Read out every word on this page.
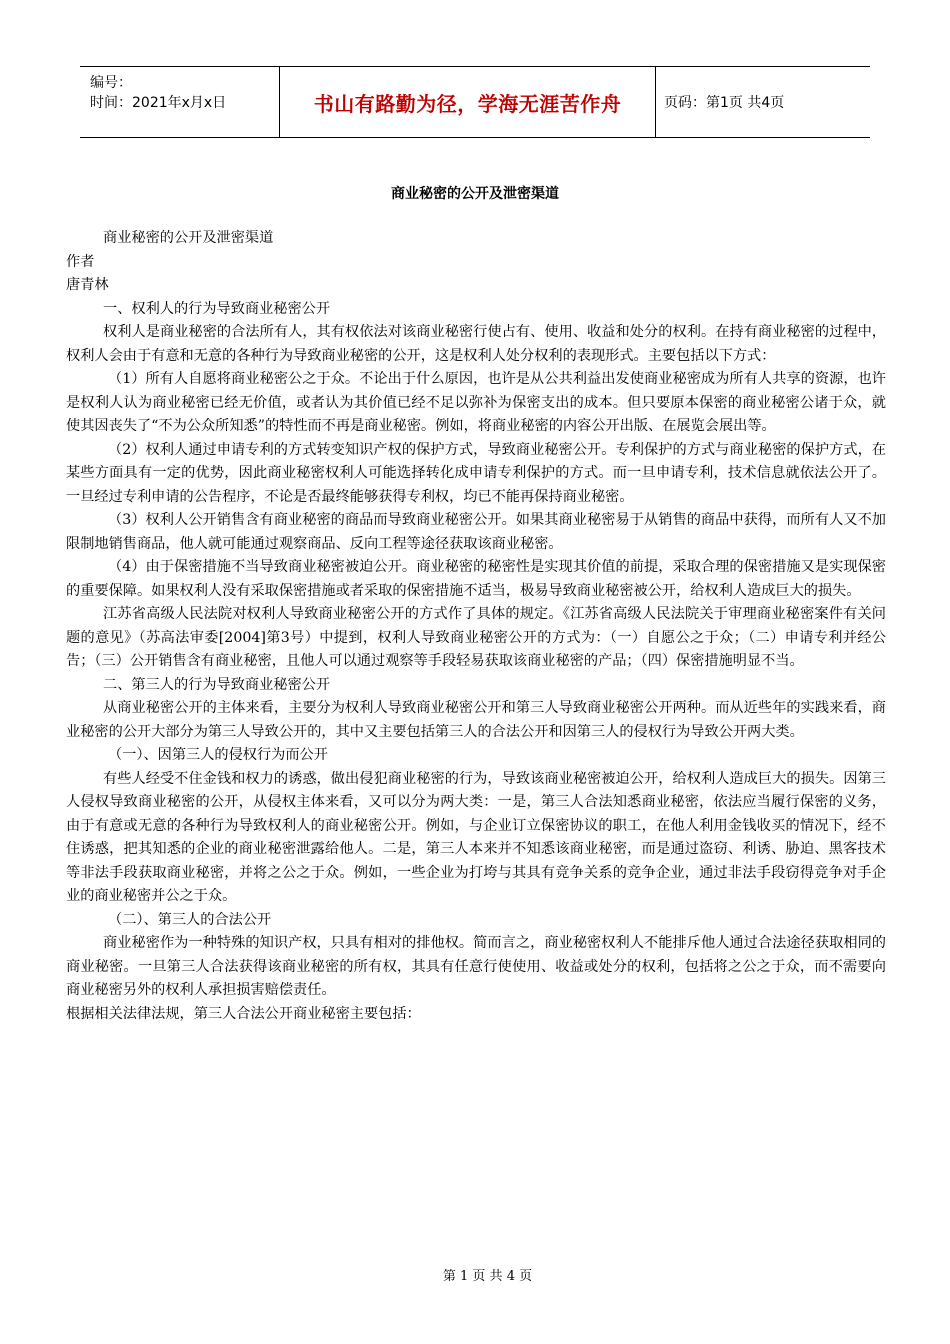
编号：
时间：2021年x月x日	书山有路勤为径，学海无涯苦作舟	页码：第1页 共4页
商业秘密的公开及泄密渠道

商业秘密的公开及泄密渠道

作者

唐青林

一、权利人的行为导致商业秘密公开

权利人是商业秘密的合法所有人，其有权依法对该商业秘密行使占有、使用、收益和处分的权利。在持有商业秘密的过程中，权利人会由于有意和无意的各种行为导致商业秘密的公开，这是权利人处分权利的表现形式。主要包括以下方式：

（1）所有人自愿将商业秘密公之于众。不论出于什么原因，也许是从公共利益出发使商业秘密成为所有人共享的资源，也许是权利人认为商业秘密已经无价值，或者认为其价值已经不足以弥补为保密支出的成本。但只要原本保密的商业秘密公诸于众，就使其因丧失了“不为公众所知悉”的特性而不再是商业秘密。例如，将商业秘密的内容公开出版、在展览会展出等。

（2）权利人通过申请专利的方式转变知识产权的保护方式，导致商业秘密公开。专利保护的方式与商业秘密的保护方式，在某些方面具有一定的优势，因此商业秘密权利人可能选择转化成申请专利保护的方式。而一旦申请专利，技术信息就依法公开了。一旦经过专利申请的公告程序，不论是否最终能够获得专利权，均已不能再保持商业秘密。

（3）权利人公开销售含有商业秘密的商品而导致商业秘密公开。如果其商业秘密易于从销售的商品中获得，而所有人又不加限制地销售商品，他人就可能通过观察商品、反向工程等途径获取该商业秘密。

（4）由于保密措施不当导致商业秘密被迫公开。商业秘密的秘密性是实现其价值的前提，采取合理的保密措施又是实现保密的重要保障。如果权利人没有采取保密措施或者采取的保密措施不适当，极易导致商业秘密被公开，给权利人造成巨大的损失。

江苏省高级人民法院对权利人导致商业秘密公开的方式作了具体的规定。《江苏省高级人民法院关于审理商业秘密案件有关问题的意见》（苏高法审委[2004]第3号）中提到，权利人导致商业秘密公开的方式为：（一）自愿公之于众；（二）申请专利并经公告；（三）公开销售含有商业秘密，且他人可以通过观察等手段轻易获取该商业秘密的产品；（四）保密措施明显不当。

二、第三人的行为导致商业秘密公开

从商业秘密公开的主体来看，主要分为权利人导致商业秘密公开和第三人导致商业秘密公开两种。而从近些年的实践来看，商业秘密的公开大部分为第三人导致公开的，其中又主要包括第三人的合法公开和因第三人的侵权行为导致公开两大类。

（一）、因第三人的侵权行为而公开

有些人经受不住金钱和权力的诱惑，做出侵犯商业秘密的行为，导致该商业秘密被迫公开，给权利人造成巨大的损失。因第三人侵权导致商业秘密的公开，从侵权主体来看，又可以分为两大类：一是，第三人合法知悉商业秘密，依法应当履行保密的义务，由于有意或无意的各种行为导致权利人的商业秘密公开。例如，与企业订立保密协议的职工，在他人利用金钱收买的情况下，经不住诱惑，把其知悉的企业的商业秘密泄露给他人。二是，第三人本来并不知悉该商业秘密，而是通过盗窃、利诱、胁迫、黑客技术等非法手段获取商业秘密，并将之公之于众。例如，一些企业为打垮与其具有竞争关系的竞争企业，通过非法手段窃得竞争对手企业的商业秘密并公之于众。

（二）、第三人的合法公开

商业秘密作为一种特殊的知识产权，只具有相对的排他权。简而言之，商业秘密权利人不能排斥他人通过合法途径获取相同的商业秘密。一旦第三人合法获得该商业秘密的所有权，其具有任意行使使用、收益或处分的权利，包括将之公之于众，而不需要向商业秘密另外的权利人承担损害赔偿责任。

根据相关法律法规，第三人合法公开商业秘密主要包括：

第 1 页 共 4 页
